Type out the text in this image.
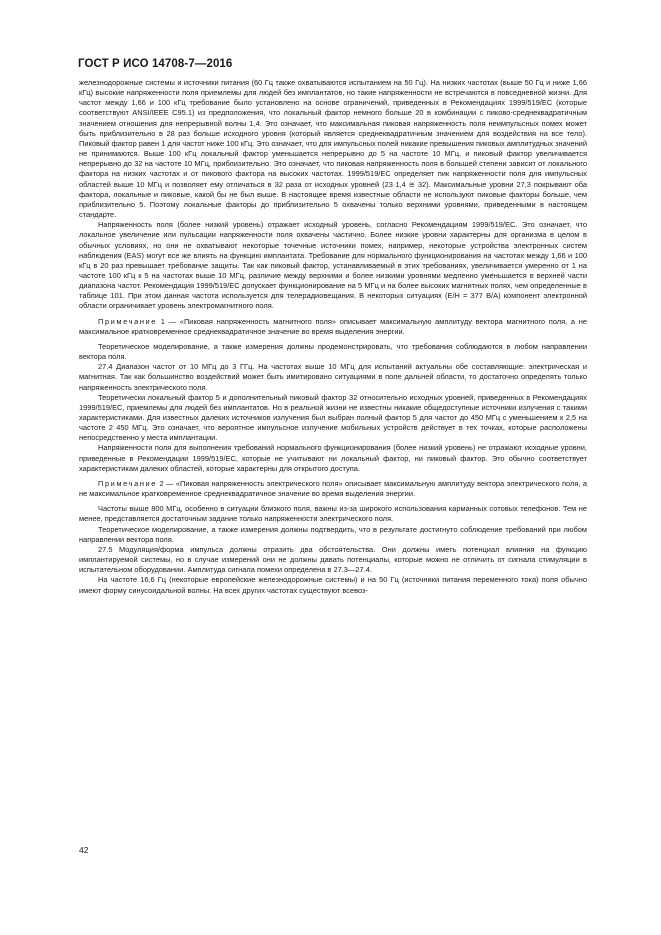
ГОСТ Р ИСО 14708-7—2016

железнодорожные системы и источники питания (60 Гц также охватываются испытанием на 50 Гц). На низких частотах (выше 50 Гц и ниже 1,66 кГц) высокие напряженности поля приемлемы для людей без имплантатов, но такие напряженности не встречаются в повседневной жизни. Для частот между 1,66 и 100 кГц требование было установлено на основе ограничений, приведенных в Рекомендациях 1999/519/ЕС (которые соответствуют ANSI/IEEE C95.1) из предположения, что локальный фактор немного больше 20 в комбинации с пиково-среднеквадратичным значением отношения для непрерывной волны 1,4. Это означает, что максимальная пиковая напряженность поля неимпульсных помех может быть приблизительно в 28 раз больше исходного уровня (который является среднеквадратичным значением для воздействия на все тело). Пиковый фактор равен 1 для частот ниже 100 кГц. Это означает, что для импульсных полей никакие превышения пиковых амплитудных значений не принимаются. Выше 100 кГц локальный фактор уменьшается непрерывно до 5 на частоте 10 МГц, и пиковый фактор увеличивается непрерывно до 32 на частоте 10 МГц, приблизительно. Это означает, что пиковая напряженность поля в большей степени зависит от локального фактора на низких частотах и от пикового фактора на высоких частотах. 1999/519/ЕС определяет пик напряженности поля для импульсных областей выше 10 МГц и позволяет ему отличаться в 32 раза от исходных уровней (23·1,4 ≅ 32). Максимальные уровни 27,3 покрывают оба фактора, локальные и пиковые, какой бы не был выше. В настоящее время известные области не используют пиковые факторы больше, чем приблизительно 5. Поэтому локальные факторы до приблизительно 5 охвачены только верхними уровнями, приведенными в настоящем стандарте.

Напряженность поля (более низкий уровень) отражает исходный уровень, согласно Рекомендациям 1999/519/ЕС. Это означает, что локальное увеличение или пульсации напряженности поля охвачены частично. Более низкие уровни характерны для организма в целом в обычных условиях, но они не охватывают некоторые точечные источники помех, например, некоторые устройства электронных систем наблюдения (EAS) могут все же влиять на функцию имплантата. Требование для нормального функционирования на частотах между 1,66 и 100 кГц в 20 раз превышает требование защиты. Так как пиковый фактор, устанавливаемый в этих требованиях, увеличивается умеренно от 1 на частоте 100 кГц к 5 на частотах выше 10 МГц, различие между верхними и более низкими уровнями медленно уменьшается в верхней части диапазона частот. Рекомендация 1999/519/ЕС допускает функционирование на 5 МГц и на более высоких магнитных полях, чем определенные в таблице 101. При этом данная частота используется для телерадиовещания. В некоторых ситуациях (E/H = 377 В/А) компонент электронной области ограничивает уровень электромагнитного поля.

Примечание 1 — «Пиковая напряженность магнитного поля» описывает максимальную амплитуду вектора магнитного поля, а не максимальное кратковременное среднеквадратичное значение во время выделения энергии.

Теоретическое моделирование, а также измерения должны продемонстрировать, что требования соблюдаются в любом направлении вектора поля.

27.4 Диапазон частот от 10 МГц до 3 ГГц. На частотах выше 10 МГц для испытаний актуальны обе составляющие: электрическая и магнитная. Так как большинство воздействий может быть имитировано ситуациями в поле дальней области, то достаточно определять только напряженность электрического поля.

Теоретически локальный фактор 5 и дополнительный пиковый фактор 32 относительно исходных уровней, приведенных в Рекомендациях 1999/519/ЕС, приемлемы для людей без имплантатов. Но в реальной жизни не известны никакие общедоступные источники излучения с такими характеристиками. Для известных далеких источников излучения был выбран полный фактор 5 для частот до 450 МГц с уменьшением к 2,5 на частоте 2 450 МГц. Это означает, что вероятное импульсное излучение мобильных устройств действует в тех точках, которые расположены непосредственно у места имплантации.

Напряженности поля для выполнения требований нормального функционирования (более низкий уровень) не отражают исходные уровни, приведенные в Рекомендации 1999/519/ЕС, которые не учитывают ни локальный фактор, ни пиковый фактор. Это обычно соответствует характеристикам далеких областей, которые характерны для открытого доступа.

Примечание 2 — «Пиковая напряженность электрического поля» описывает максимальную амплитуду вектора электрического поля, а не максимальное кратковременное среднеквадратичное значение во время выделения энергии.

Частоты выше 800 МГц, особенно в ситуации близкого поля, важны из-за широкого использования карманных сотовых телефонов. Тем не менее, представляется достаточным задание только напряженности электрического поля.

Теоретическое моделирование, а также измерения должны подтвердить, что в результате достигнуто соблюдение требований при любом направлении вектора поля.

27.5 Модуляция/форма импульса должны отразить два обстоятельства. Они должны иметь потенциал влияния на функцию имплантируемой системы, но в случае измерений они не должны давать потенциалы, которые можно не отличить от сигнала стимуляции в испытательном оборудовании. Амплитуда сигнала помехи определена в 27.3—27.4.

На частоте 16,6 Гц (некоторые европейские железнодорожные системы) и на 50 Гц (источники питания переменного тока) поля обычно имеют форму синусоидальной волны. На всех других частотах существуют всевоз-

42
